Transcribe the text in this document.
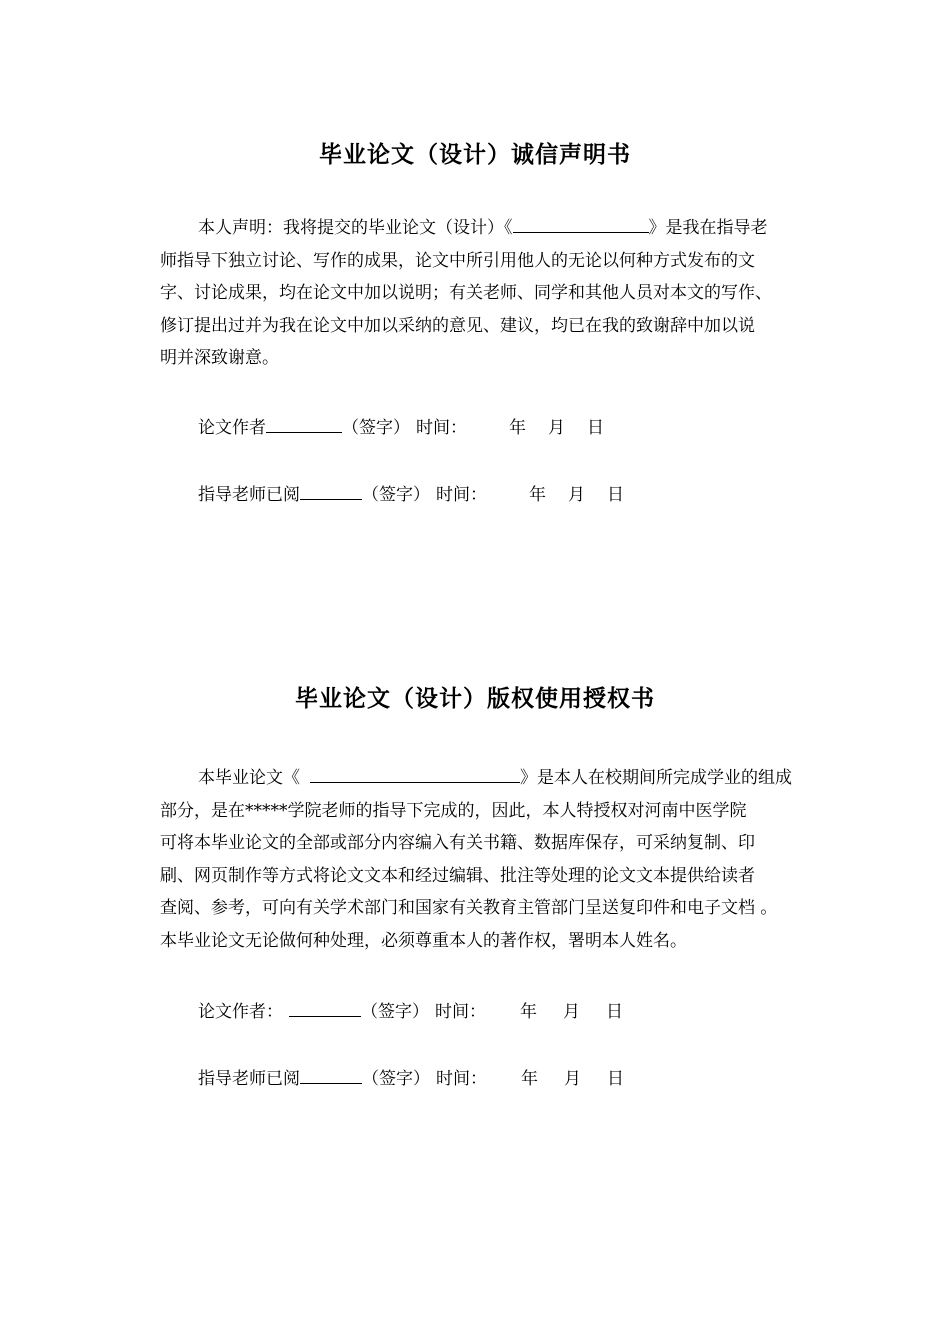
毕业论文（设计）诚信声明书
本人声明：我将提交的毕业论文（设计）《	》是我在指导老
师指导下独立讨论、写作的成果，论文中所引用他人的无论以何种方式发布的文
字、讨论成果，均在论文中加以说明；有关老师、同学和其他人员对本文的写作、
修订提出过并为我在论文中加以采纳的意见、建议，均已在我的致谢辞中加以说
明并深致谢意。
论文作者	（签字） 时间： 年 月 日
指导老师已阅	（签字） 时间： 年 月 日
毕业论文（设计）版权使用授权书
本毕业论文《	》是本人在校期间所完成学业的组成
部分，是在*****学院老师的指导下完成的，因此，本人特授权对河南中医学院
可将本毕业论文的全部或部分内容编入有关书籍、数据库保存，可采纳复制、印
刷、网页制作等方式将论文文本和经过编辑、批注等处理的论文文本提供给读者
查阅、参考，可向有关学术部门和国家有关教育主管部门呈送复印件和电子文档 。
本毕业论文无论做何种处理，必须尊重本人的著作权，署明本人姓名。
论文作者：	（签字） 时间： 年 月 日
指导老师已阅	（签字） 时间： 年 月 日
